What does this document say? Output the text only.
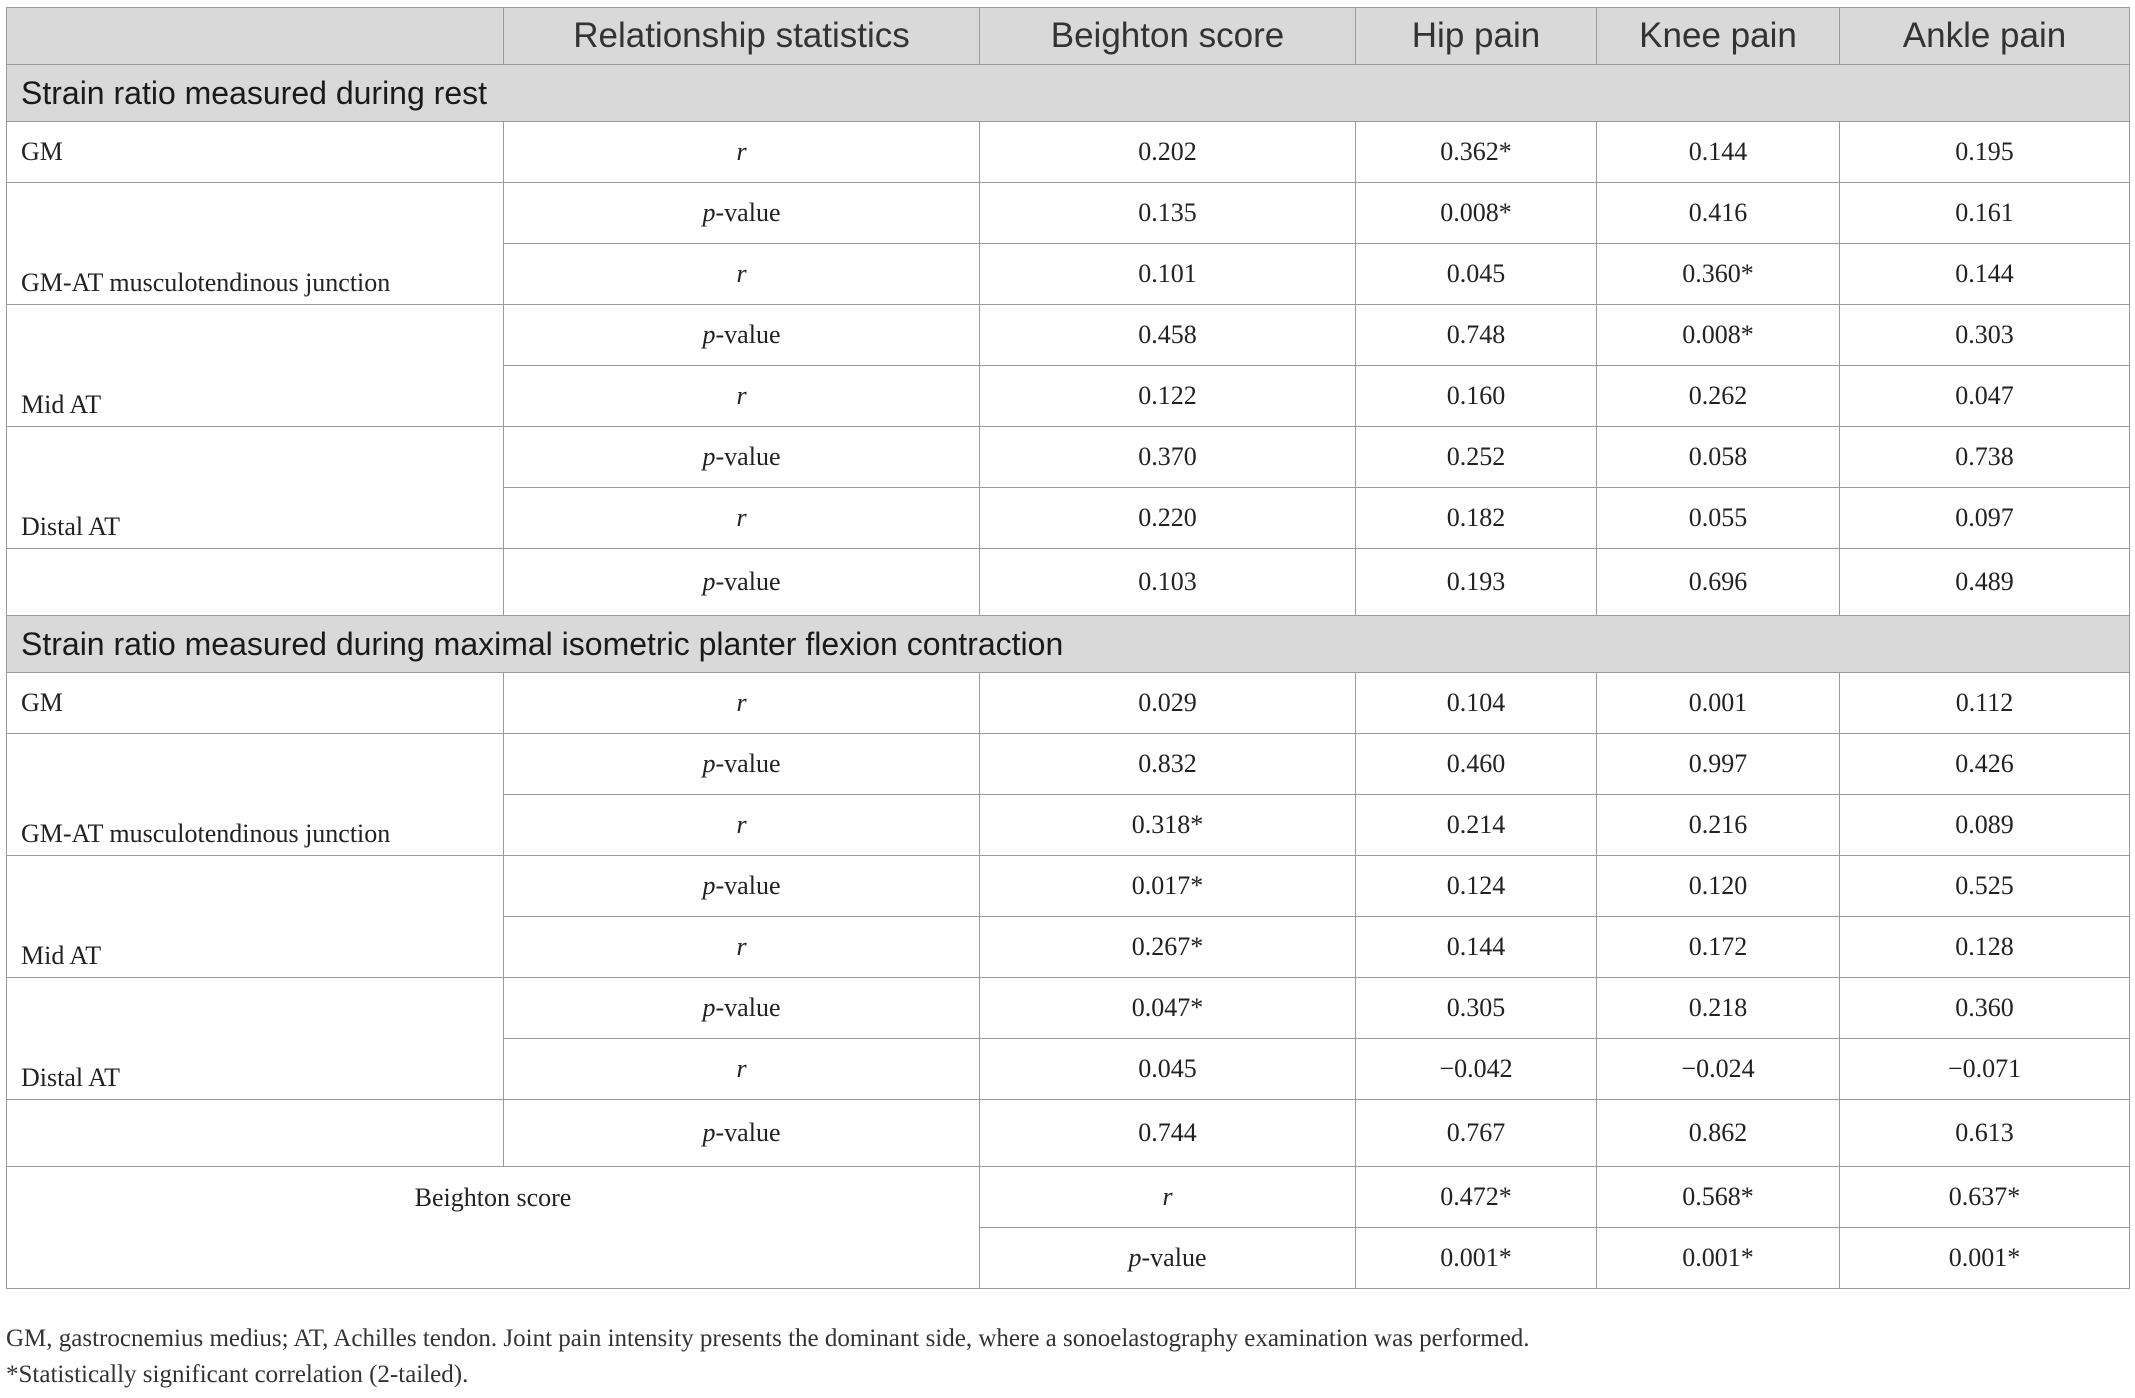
	Relationship statistics	Beighton score	Hip pain	Knee pain	Ankle pain
Strain ratio measured during rest					
GM	r	0.202	0.362*	0.144	0.195
GM-AT musculotendinous junction	p-value	0.135	0.008*	0.416	0.161
	r	0.101	0.045	0.360*	0.144
Mid AT	p-value	0.458	0.748	0.008*	0.303
	r	0.122	0.160	0.262	0.047
Distal AT	p-value	0.370	0.252	0.058	0.738
	r	0.220	0.182	0.055	0.097
	p-value	0.103	0.193	0.696	0.489
Strain ratio measured during maximal isometric planter flexion contraction					
GM	r	0.029	0.104	0.001	0.112
GM-AT musculotendinous junction	p-value	0.832	0.460	0.997	0.426
	r	0.318*	0.214	0.216	0.089
Mid AT	p-value	0.017*	0.124	0.120	0.525
	r	0.267*	0.144	0.172	0.128
Distal AT	p-value	0.047*	0.305	0.218	0.360
	r	0.045	−0.042	−0.024	−0.071
	p-value	0.744	0.767	0.862	0.613
Beighton score		r	0.472*	0.568*	0.637*
		p-value	0.001*	0.001*	0.001*
GM, gastrocnemius medius; AT, Achilles tendon. Joint pain intensity presents the dominant side, where a sonoelastography examination was performed.
*Statistically significant correlation (2-tailed).
